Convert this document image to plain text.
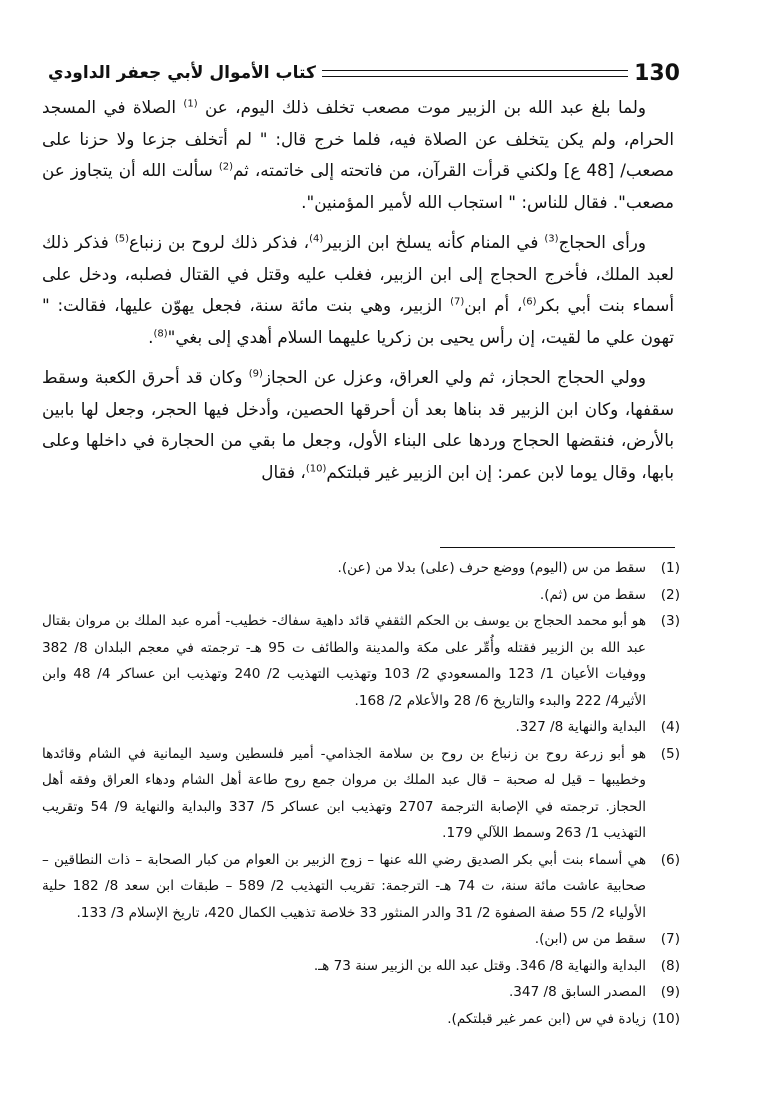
كتاب الأموال لأبي جعفر الداودي	130

ولما بلغ عبد الله بن الزبير موت مصعب تخلف ذلك اليوم، عن $^{(1)}$ الصلاة في المسجد الحرام، ولم يكن يتخلف عن الصلاة فيه، فلما خرج قال: " لم أتخلف جزعا ولا حزنا على مصعب/ [48 ع] ولكني قرأت القرآن، من فاتحته إلى خاتمته، ثم$^{(2)}$ سألت الله أن يتجاوز عن مصعب". فقال للناس: " استجاب الله لأمير المؤمنين".

ورأى الحجاج$^{(3)}$ في المنام كأنه يسلخ ابن الزبير$^{(4)}$، فذكر ذلك لروح بن زنباع$^{(5)}$ فذكر ذلك لعبد الملك، فأخرج الحجاج إلى ابن الزبير، فغلب عليه وقتل في القتال فصلبه، ودخل على أسماء بنت أبي بكر$^{(6)}$، أم ابن$^{(7)}$ الزبير، وهي بنت مائة سنة، فجعل يهوّن عليها، فقالت: " تهون علي ما لقيت، إن رأس يحيى بن زكريا عليهما السلام أهدي إلى بغي"$^{(8)}$.

وولي الحجاج الحجاز، ثم ولي العراق، وعزل عن الحجاز$^{(9)}$ وكان قد أحرق الكعبة وسقط سقفها، وكان ابن الزبير قد بناها بعد أن أحرقها الحصين، وأدخل فيها الحجر، وجعل لها بابين بالأرض، فنقضها الحجاج وردها على البناء الأول، وجعل ما بقي من الحجارة في داخلها وعلى بابها، وقال يوما لابن عمر: إن ابن الزبير غير قبلتكم$^{(10)}$، فقال

(1)
سقط من س (اليوم) ووضع حرف (على) بدلا من (عن).
(2)
سقط من س (ثم).
(3)
هو أبو محمد الحجاج بن يوسف بن الحكم الثقفي قائد داهية سفاك- خطيب- أمره عبد الملك بن مروان بقتال عبد الله بن الزبير فقتله وأُمِّر على مكة والمدينة والطائف ت 95 هـ- ترجمته في معجم البلدان 8/ 382 ووفيات الأعيان 1/ 123 والمسعودي 2/ 103 وتهذيب التهذيب 2/ 240 وتهذيب ابن عساكر 4/ 48 وابن الأثير4/ 222 والبدء والتاريخ 6/ 28 والأعلام 2/ 168.
(4)
البداية والنهاية 8/ 327.
(5)
هو أبو زرعة روح بن زنباع بن روح بن سلامة الجذامي- أمير فلسطين وسيد اليمانية في الشام وقائدها وخطيبها – قيل له صحبة – قال عبد الملك بن مروان جمع روح طاعة أهل الشام ودهاء العراق وفقه أهل الحجاز. ترجمته في الإصابة الترجمة 2707 وتهذيب ابن عساكر 5/ 337 والبداية والنهاية 9/ 54 وتقريب التهذيب 1/ 263 وسمط اللآلي 179.
(6)
هي أسماء بنت أبي بكر الصديق رضي الله عنها – زوج الزبير بن العوام من كبار الصحابة – ذات النطاقين – صحابية عاشت مائة سنة، ت 74 هـ- الترجمة: تقريب التهذيب 2/ 589 – طبقات ابن سعد 8/ 182 حلية الأولياء 2/ 55 صفة الصفوة 2/ 31 والدر المنثور 33 خلاصة تذهيب الكمال 420، تاريخ الإسلام 3/ 133.
(7)
سقط من س (ابن).
(8)
البداية والنهاية 8/ 346. وقتل عبد الله بن الزبير سنة 73 هـ.
(9)
المصدر السابق 8/ 347.
(10)
زيادة في س (ابن عمر غير قبلتكم).
